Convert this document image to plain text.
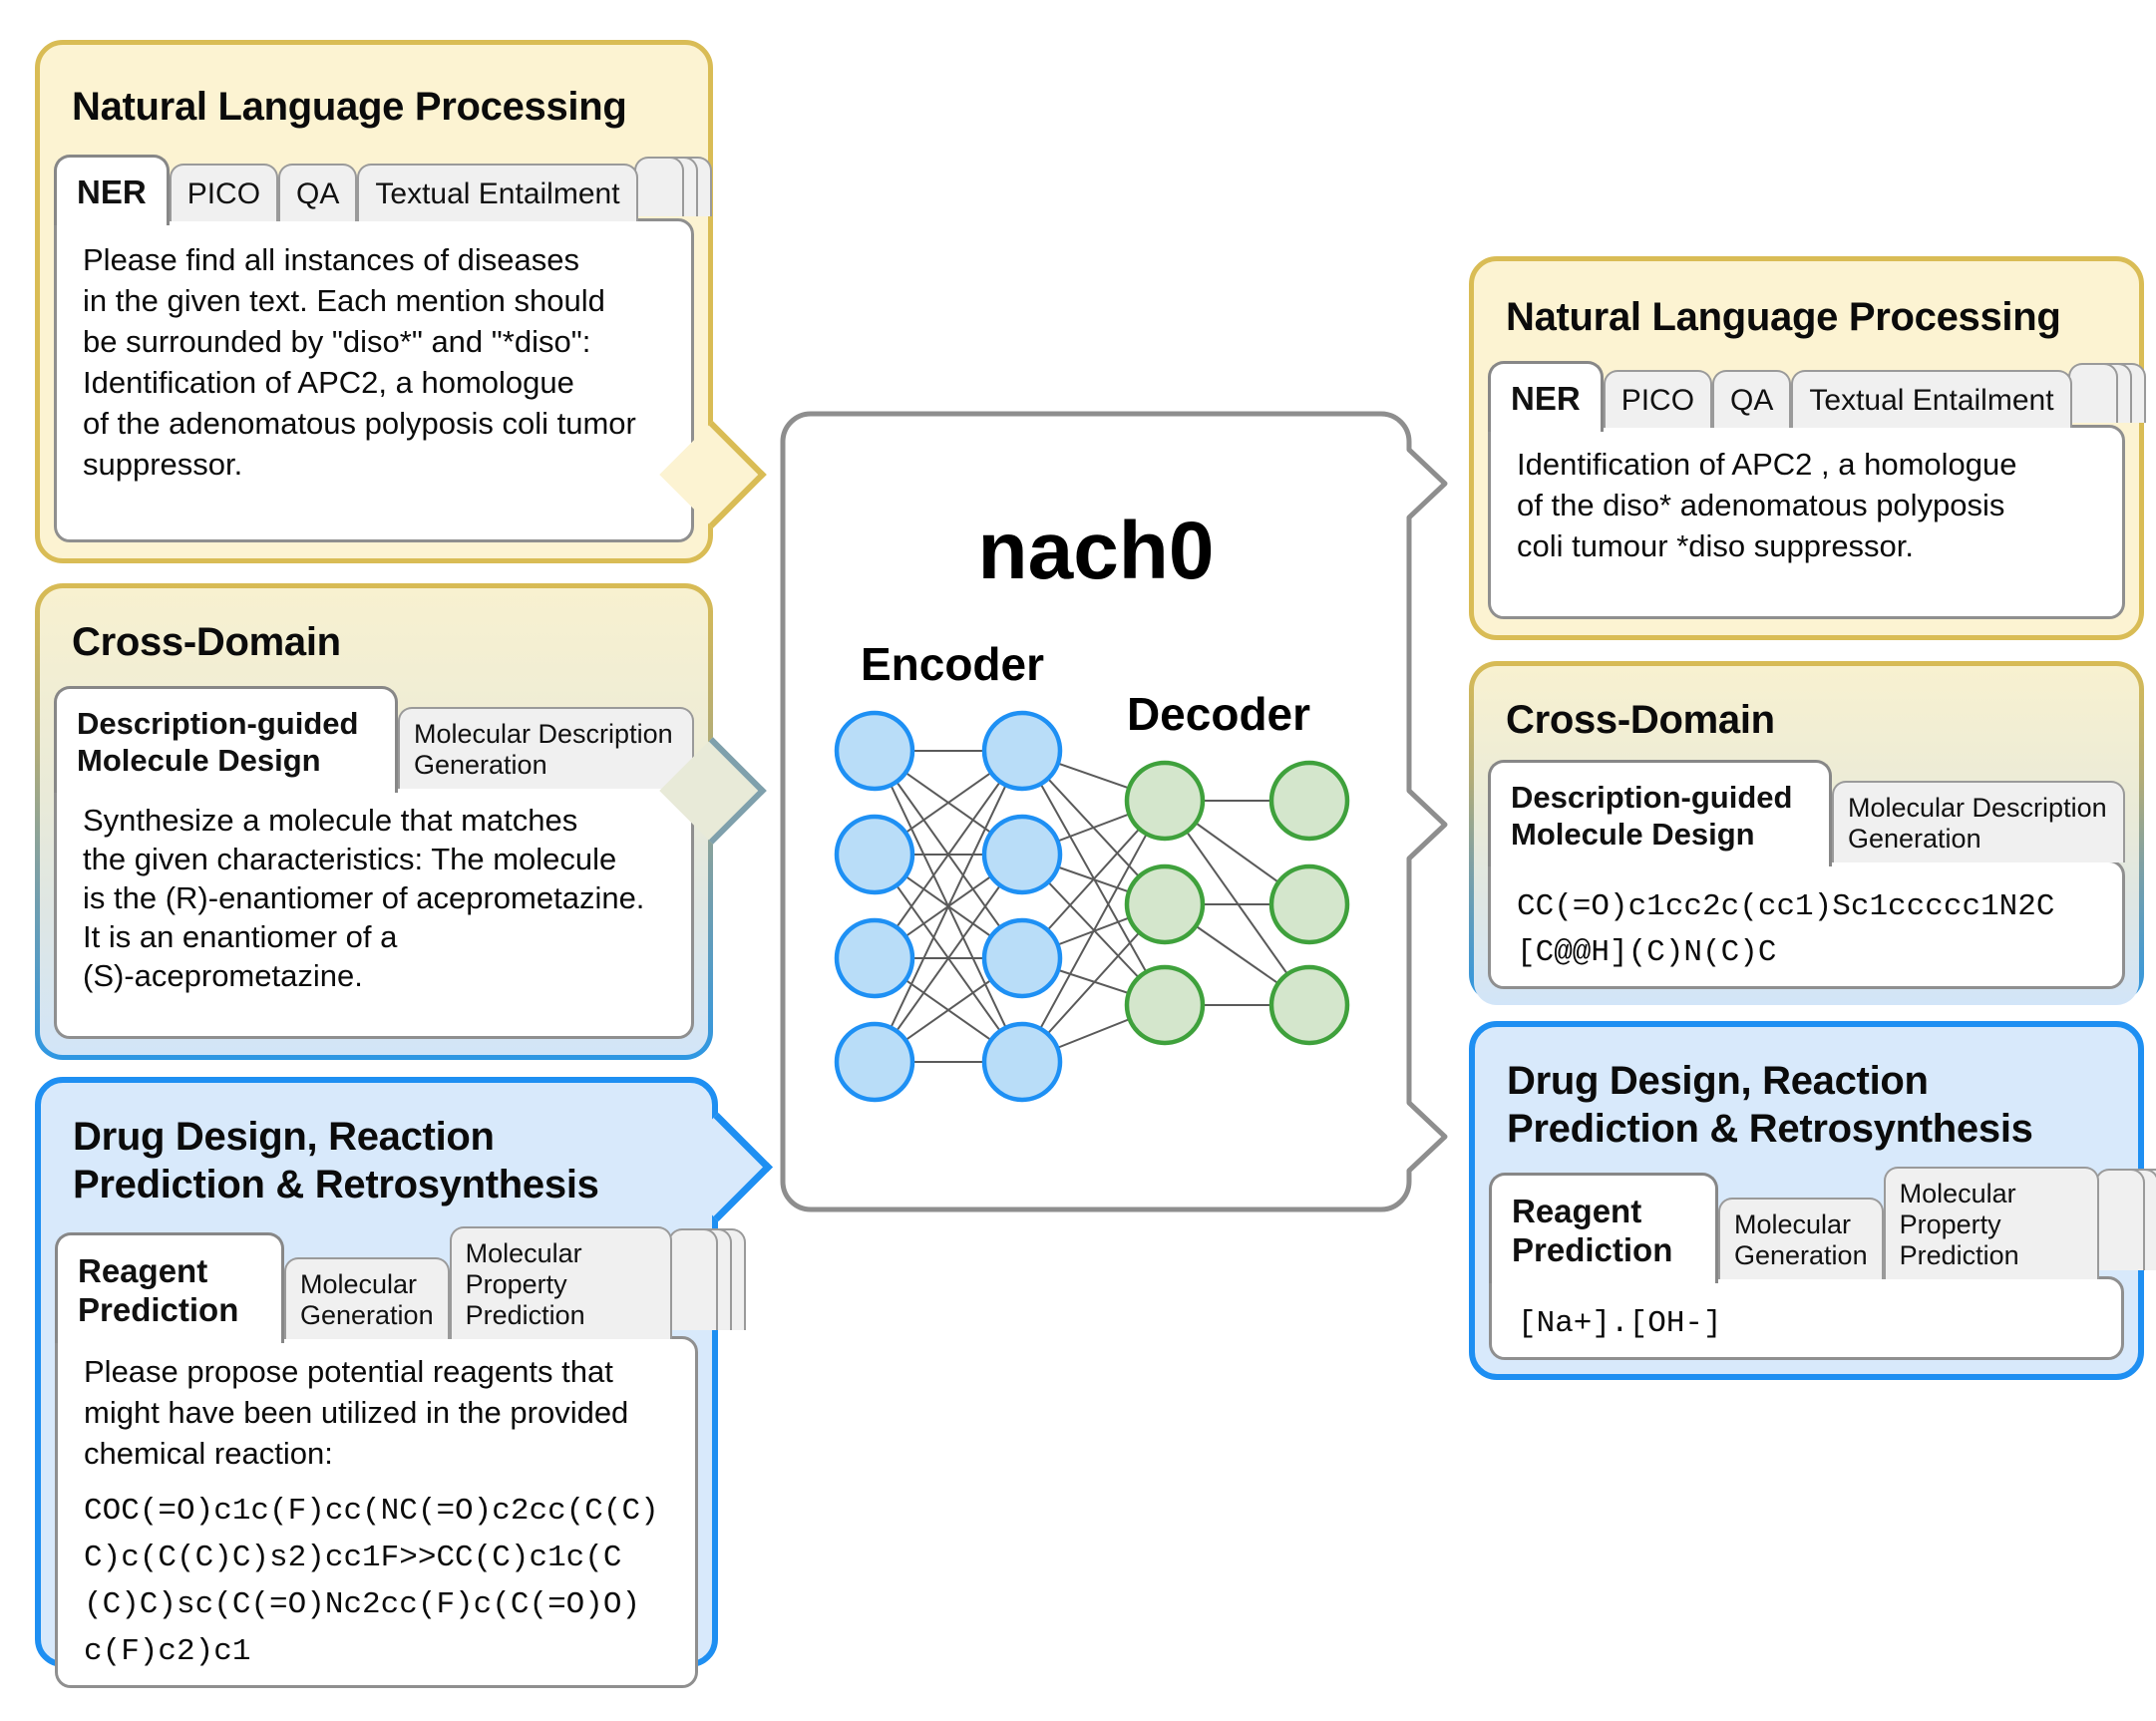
Natural Language Processing
NER	PICO	QA	Textual Entailment
Please find all instances of diseases
in the given text. Each mention should
be surrounded by "diso*" and "*diso":
Identification of APC2, a homologue
of the adenomatous polyposis coli tumor
suppressor.
Cross-Domain
Description-guided Molecule Design
Molecular Description Generation
Synthesize a molecule that matches
the given characteristics: The molecule
is the (R)-enantiomer of aceprometazine.
It is an enantiomer of a
(S)-aceprometazine.
Drug Design, Reaction
Prediction & Retrosynthesis
Reagent Prediction
Molecular Generation
Molecular Property Prediction
Please propose potential reagents that
might have been utilized in the provided
chemical reaction:
COC(=O)c1c(F)cc(NC(=O)c2cc(C(C)
C)c(C(C)C)s2)cc1F>>CC(C)c1c(C
(C)C)sc(C(=O)Nc2cc(F)c(C(=O)O)
c(F)c2)c1
nach0
Encoder
Decoder
Natural Language Processing
NER	PICO	QA	Textual Entailment
Identification of APC2 , a homologue
of the diso* adenomatous polyposis
coli tumour *diso suppressor.
Cross-Domain
Description-guided Molecule Design
Molecular Description Generation
CC(=O)c1cc2c(cc1)Sc1ccccc1N2C
[C@@H](C)N(C)C
Drug Design, Reaction
Prediction & Retrosynthesis
Reagent Prediction
Molecular Generation
Molecular Property Prediction
[Na+].[OH-]
